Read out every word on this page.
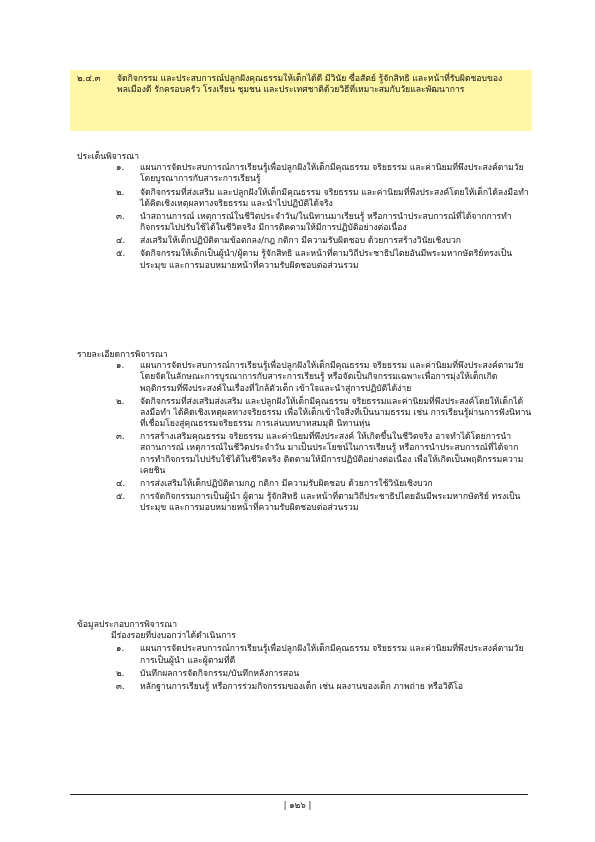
๒.๔.๓ จัดกิจกรรม และประสบการณ์ปลูกฝังคุณธรรมให้เด็กได้ดี มีวินัย ซื่อสัตย์ รู้จักสิทธิ และหน้าที่รับผิดชอบของพลเมืองดี รักครอบครัว โรงเรียน ชุมชน และประเทศชาติด้วยวิธีที่เหมาะสมกับวัยและพัฒนาการ
ประเด็นพิจารณา
๑. แผนการจัดประสบการณ์การเรียนรู้เพื่อปลูกฝังให้เด็กมีคุณธรรม จริยธรรม และค่านิยมที่พึงประสงค์ตามวัย โดยบูรณาการกับสาระการเรียนรู้
๒. จัดกิจกรรมที่ส่งเสริม และปลูกฝังให้เด็กมีคุณธรรม จริยธรรม และค่านิยมที่พึงประสงค์โดยให้เด็กได้ลงมือทำ ได้คิดเชิงเหตุผลทางจริยธรรม และนำไปปฏิบัติได้จริง
๓. นำสถานการณ์ เหตุการณ์ในชีวิตประจำวัน/ในนิทานมาเรียนรู้ หรือการนำประสบการณ์ที่ได้จากการทำกิจกรรมไปปรับใช้ได้ในชีวิตจริง มีการติดตามให้มีการปฏิบัติอย่างต่อเนื่อง
๔. ส่งเสริมให้เด็กปฏิบัติตามข้อตกลง/กฎ กติกา มีความรับผิดชอบ ด้วยการสร้างวินัยเชิงบวก
๕. จัดกิจกรรมให้เด็กเป็นผู้นำ/ผู้ตาม รู้จักสิทธิ และหน้าที่ตามวิถีประชาธิปไตยอันมีพระมหากษัตริย์ทรงเป็นประมุข และการมอบหมายหน้าที่ความรับผิดชอบต่อส่วนรวม
รายละเอียดการพิจารณา
๑. แผนการจัดประสบการณ์การเรียนรู้เพื่อปลูกฝังให้เด็กมีคุณธรรม จริยธรรม และค่านิยมที่พึงประสงค์ตามวัย โดยจัดในลักษณะการบูรณาการกับสาระการเรียนรู้ หรือจัดเป็นกิจกรรมเฉพาะเพื่อการมุ่งให้เด็กเกิดพฤติกรรมที่พึงประสงค์ในเรื่องที่ใกล้ตัวเด็ก เข้าใจและนำสู่การปฏิบัติได้ง่าย
๒. จัดกิจกรรมที่ส่งเสริมส่งเสริม และปลูกฝังให้เด็กมีคุณธรรม จริยธรรมและค่านิยมที่พึงประสงค์โดยให้เด็กได้ลงมือทำ ได้คิดเชิงเหตุผลทางจริยธรรม เพื่อให้เด็กเข้าใจสิ่งที่เป็นนามธรรม เช่น การเรียนรู้ผ่านการฟังนิทานที่เชื่อมโยงสู่คุณธรรมจริยธรรม การเล่นบทบาทสมมุติ นิทานหุ่น
๓. การสร้างเสริมคุณธรรม จริยธรรม และค่านิยมที่พึงประสงค์ ให้เกิดขึ้นในชีวิตจริง อาจทำได้โดยการนำสถานการณ์ เหตุการณ์ในชีวิตประจำวัน มาเป็นประโยชน์ในการเรียนรู้ หรือการนำประสบการณ์ที่ได้จากการทำกิจกรรมไปปรับใช้ได้ในชีวิตจริง ติดตามให้มีการปฏิบัติอย่างต่อเนื่อง เพื่อให้เกิดเป็นพฤติกรรมความเคยชิน
๔. การส่งเสริมให้เด็กปฏิบัติตามกฎ กติกา มีความรับผิดชอบ ด้วยการใช้วินัยเชิงบวก
๕. การจัดกิจกรรมการเป็นผู้นำ ผู้ตาม รู้จักสิทธิ และหน้าที่ตามวิถีประชาธิปไตยอันมีพระมหากษัตริย์ ทรงเป็นประมุข และการมอบหมายหน้าที่ความรับผิดชอบต่อส่วนรวม
ข้อมูลประกอบการพิจารณา
มีร่องรอยที่บ่งบอกว่าได้ดำเนินการ
๑. แผนการจัดประสบการณ์การเรียนรู้เพื่อปลูกฝังให้เด็กมีคุณธรรม จริยธรรม และค่านิยมที่พึงประสงค์ตามวัย การเป็นผู้นำ และผู้ตามที่ดี
๒. บันทึกผลการจัดกิจกรรม/บันทึกหลังการสอน
๓. หลักฐานการเรียนรู้ หรือการร่วมกิจกรรมของเด็ก เช่น ผลงานของเด็ก ภาพถ่าย หรือวิดีโอ
| ๑๒๖ |
